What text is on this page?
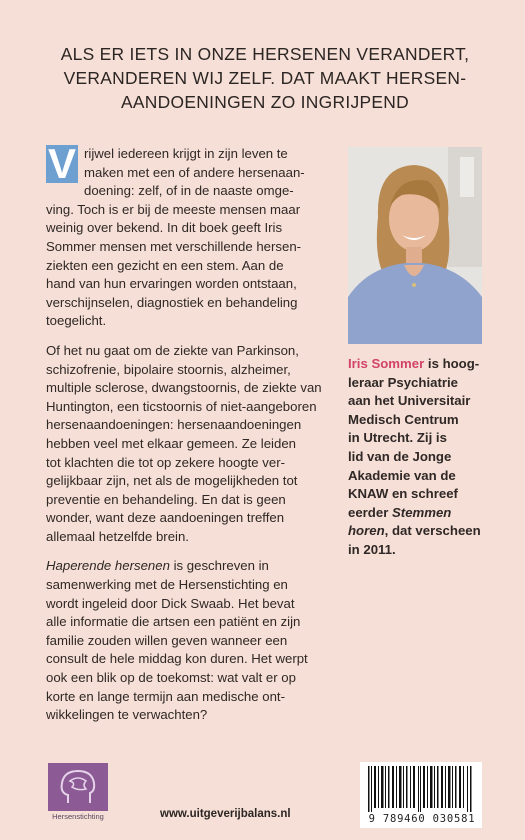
ALS ER IETS IN ONZE HERSENEN VERANDERT,
VERANDEREN WIJ ZELF. DAT MAAKT HERSEN-
AANDOENINGEN ZO INGRIJPEND

V rijwel iedereen krijgt in zijn leven te
maken met een of andere hersenaan-
doening: zelf, of in de naaste omge-
ving. Toch is er bij de meeste mensen maar
weinig over bekend. In dit boek geeft Iris
Sommer mensen met verschillende hersen-
ziekten een gezicht en een stem. Aan de
hand van hun ervaringen worden ontstaan,
verschijnselen, diagnostiek en behandeling
toegelicht.

Of het nu gaat om de ziekte van Parkinson,
schizofrenie, bipolaire stoornis, alzheimer,
multiple sclerose, dwangstoornis, de ziekte van
Huntington, een ticstoornis of niet-aangeboren
hersenaandoeningen: hersenaandoeningen
hebben veel met elkaar gemeen. Ze leiden
tot klachten die tot op zekere hoogte ver-
gelijkbaar zijn, net als de mogelijkheden tot
preventie en behandeling. En dat is geen
wonder, want deze aandoeningen treffen
allemaal hetzelfde brein.

Haperende hersenen is geschreven in
samenwerking met de Hersenstichting en
wordt ingeleid door Dick Swaab. Het bevat
alle informatie die artsen een patiënt en zijn
familie zouden willen geven wanneer een
consult de hele middag kon duren. Het werpt
ook een blik op de toekomst: wat valt er op
korte en lange termijn aan medische ont-
wikkelingen te verwachten?

Iris Sommer is hoog-
leraar Psychiatrie
aan het Universitair
Medisch Centrum
in Utrecht. Zij is
lid van de Jonge
Akademie van de
KNAW en schreef
eerder Stemmen
horen, dat verscheen
in 2011.
Hersenstichting	www.uitgeverijbalans.nl	9 789460 030581
